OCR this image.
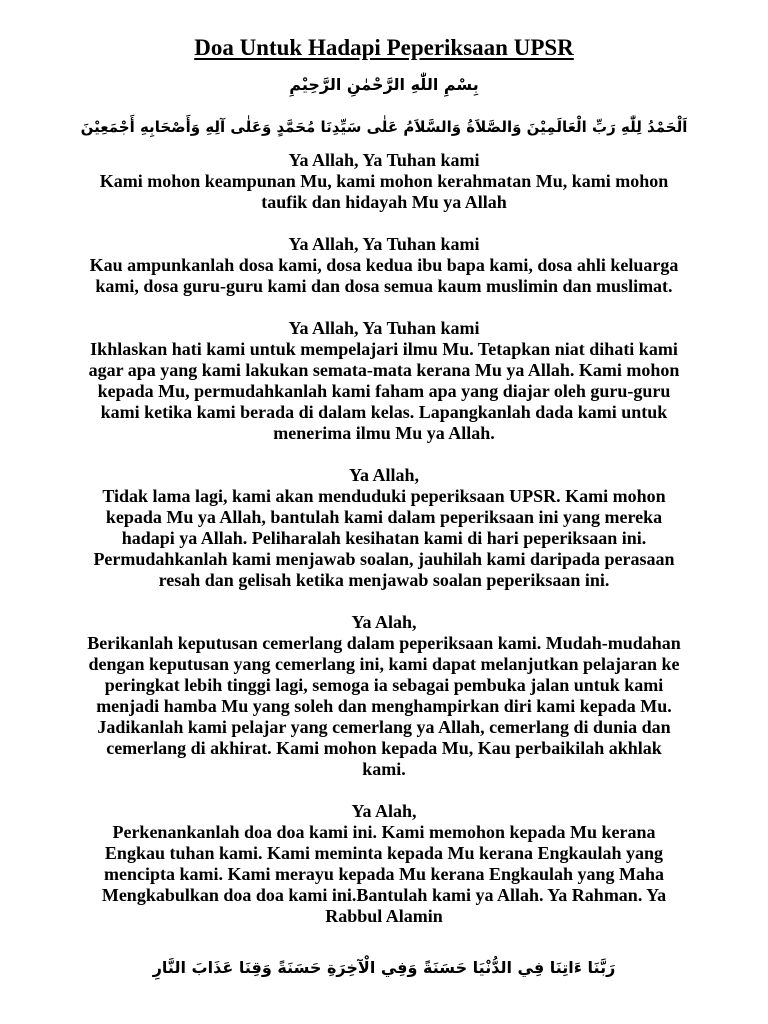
Doa Untuk Hadapi Peperiksaan UPSR
بِسْمِ اللّٰهِ الرَّحْمٰنِ الرَّحِيْمِ
اَلْحَمْدُ لِلّٰهِ رَبِّ الْعَالَمِيْنَ وَالصَّلاَةُ وَالسَّلاَمُ عَلٰى سَيِّدِنَا مُحَمَّدٍ وَعَلٰى آلِهِ وَأَصْحَابِهِ أَجْمَعِيْنَ
Ya Allah, Ya Tuhan kami
Kami mohon keampunan Mu, kami mohon kerahmatan Mu, kami mohon
taufik dan hidayah Mu ya Allah
Ya Allah, Ya Tuhan kami
Kau ampunkanlah dosa kami, dosa kedua ibu bapa kami, dosa ahli keluarga
kami, dosa guru-guru kami dan dosa semua kaum muslimin dan muslimat.
Ya Allah, Ya Tuhan kami
Ikhlaskan hati kami untuk mempelajari ilmu Mu. Tetapkan niat dihati kami
agar apa yang kami lakukan semata-mata kerana Mu ya Allah. Kami mohon
kepada Mu, permudahkanlah kami faham apa yang diajar oleh guru-guru
kami ketika kami berada di dalam kelas. Lapangkanlah dada kami untuk
menerima ilmu Mu ya Allah.
Ya Allah,
Tidak lama lagi, kami akan menduduki peperiksaan UPSR. Kami mohon
kepada Mu ya Allah, bantulah kami dalam peperiksaan ini yang mereka
hadapi ya Allah. Peliharalah kesihatan kami di hari peperiksaan ini.
Permudahkanlah kami menjawab soalan, jauhilah kami daripada perasaan
resah dan gelisah ketika menjawab soalan peperiksaan ini.
Ya Alah,
Berikanlah keputusan cemerlang dalam peperiksaan kami. Mudah-mudahan
dengan keputusan yang cemerlang ini, kami dapat melanjutkan pelajaran ke
peringkat lebih tinggi lagi, semoga ia sebagai pembuka jalan untuk kami
menjadi hamba Mu yang soleh dan menghampirkan diri kami kepada Mu.
Jadikanlah kami pelajar yang cemerlang ya Allah, cemerlang di dunia dan
cemerlang di akhirat. Kami mohon kepada Mu, Kau perbaikilah akhlak
kami.
Ya Alah,
Perkenankanlah doa doa kami ini. Kami memohon kepada Mu kerana
Engkau tuhan kami. Kami meminta kepada Mu kerana Engkaulah yang
mencipta kami. Kami merayu kepada Mu kerana Engkaulah yang Maha
Mengkabulkan doa doa kami ini.Bantulah kami ya Allah. Ya Rahman. Ya
Rabbul Alamin
رَبَّنَا ءَاتِنَا فِي الدُّنْيَا حَسَنَةً وَفِي الْآخِرَةِ حَسَنَةً وَقِنَا عَذَابَ النَّارِ
